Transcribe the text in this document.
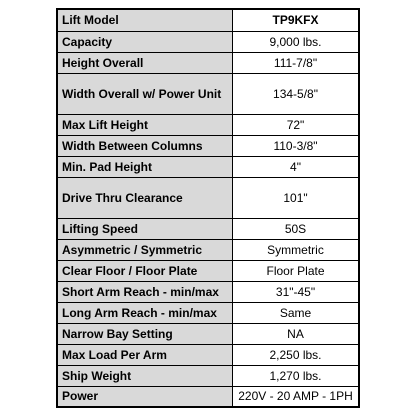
Lift Model	TP9KFX
Capacity	9,000 lbs.
Height Overall	111-7/8"
Width Overall w/ Power Unit	134-5/8"
Max Lift Height	72"
Width Between Columns	110-3/8"
Min. Pad Height	4"
Drive Thru Clearance	101"
Lifting Speed	50S
Asymmetric / Symmetric	Symmetric
Clear Floor / Floor Plate	Floor Plate
Short Arm Reach - min/max	31"-45"
Long Arm Reach - min/max	Same
Narrow Bay Setting	NA
Max Load Per Arm	2,250 lbs.
Ship Weight	1,270 lbs.
Power	220V - 20 AMP - 1PH
